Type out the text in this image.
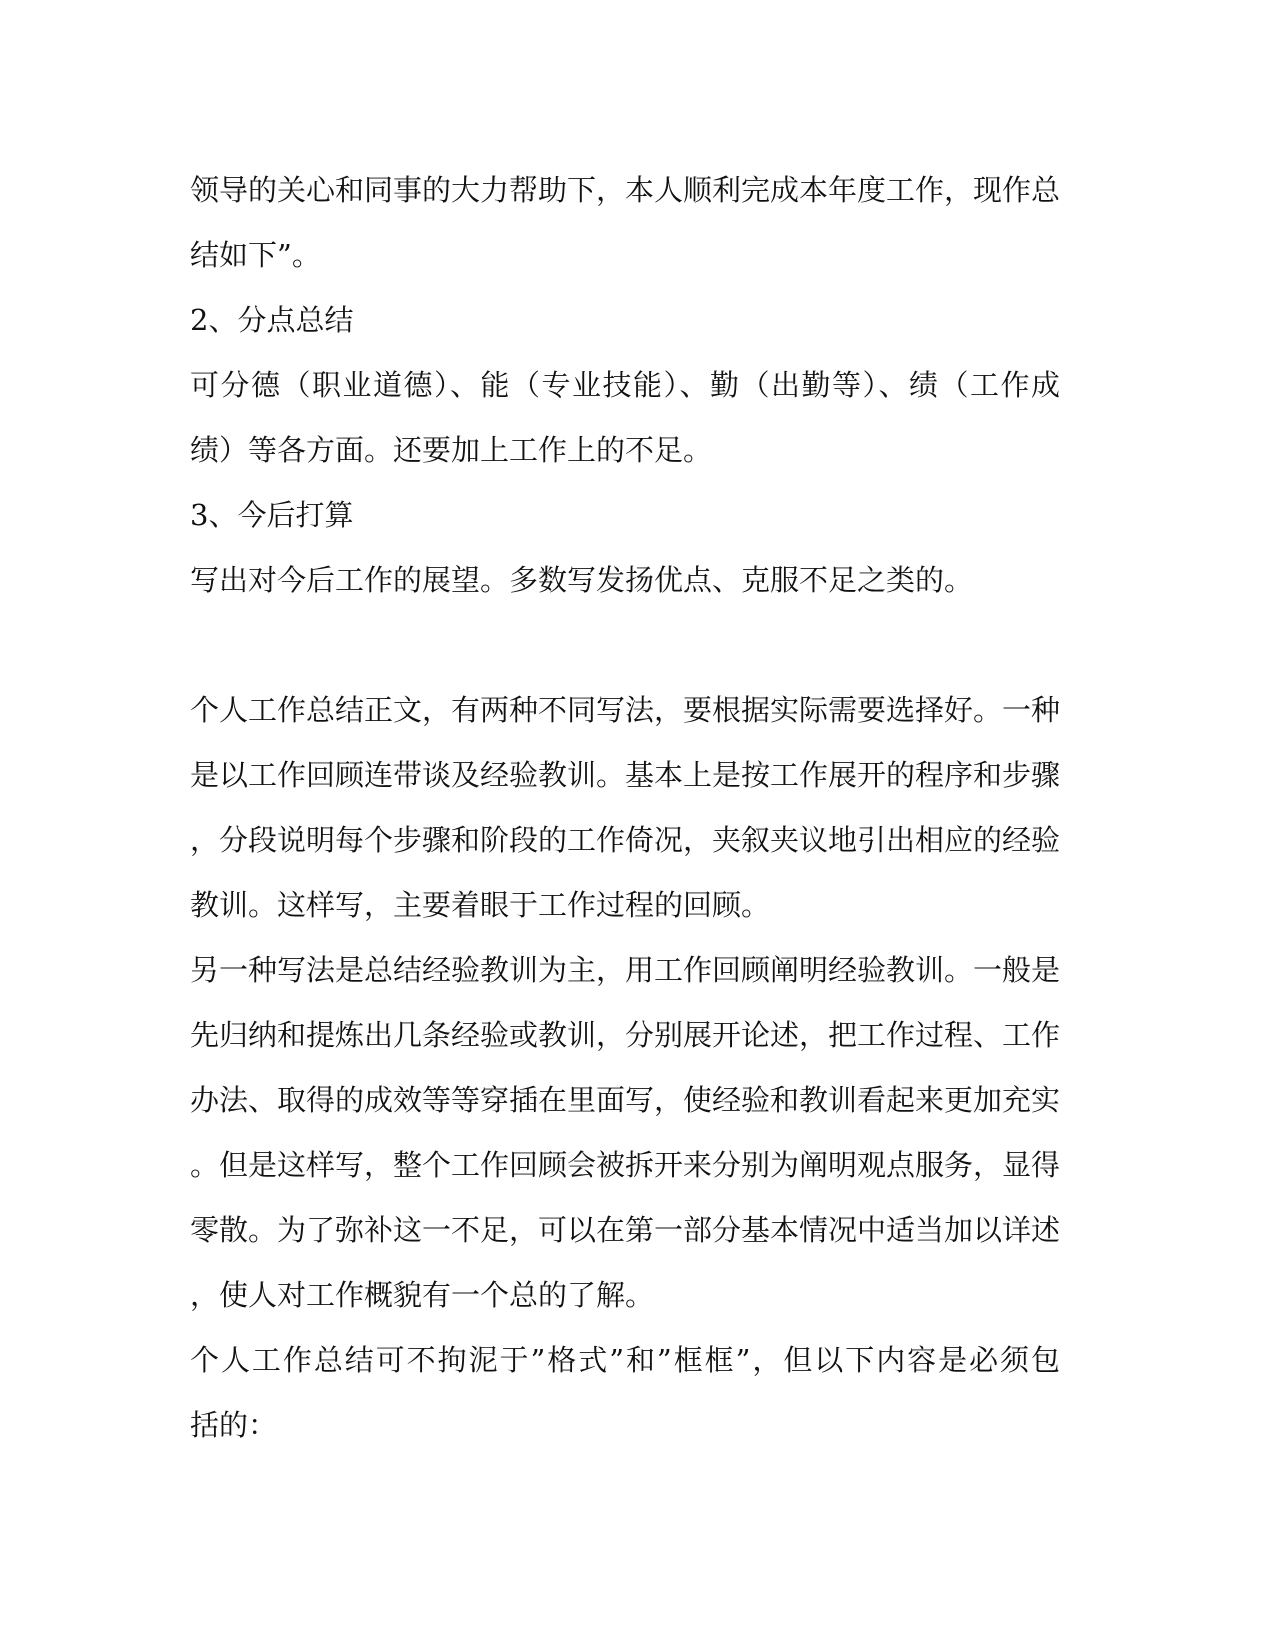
领导的关心和同事的大力帮助下，本人顺利完成本年度工作，现作总
结如下”。
2、分点总结
可分德（职业道德）、能（专业技能）、勤（出勤等）、绩（工作成
绩）等各方面。还要加上工作上的不足。
3、今后打算
写出对今后工作的展望。多数写发扬优点、克服不足之类的。
个人工作总结正文，有两种不同写法，要根据实际需要选择好。一种
是以工作回顾连带谈及经验教训。基本上是按工作展开的程序和步骤
，分段说明每个步骤和阶段的工作倚况，夹叙夹议地引出相应的经验
教训。这样写，主要着眼于工作过程的回顾。
另一种写法是总结经验教训为主，用工作回顾阐明经验教训。一般是
先归纳和提炼出几条经验或教训，分别展开论述，把工作过程、工作
办法、取得的成效等等穿插在里面写，使经验和教训看起来更加充实
。但是这样写，整个工作回顾会被拆开来分别为阐明观点服务，显得
零散。为了弥补这一不足，可以在第一部分基本情况中适当加以详述
，使人对工作概貌有一个总的了解。
个人工作总结可不拘泥于”格式”和”框框”，但以下内容是必须包
括的：
